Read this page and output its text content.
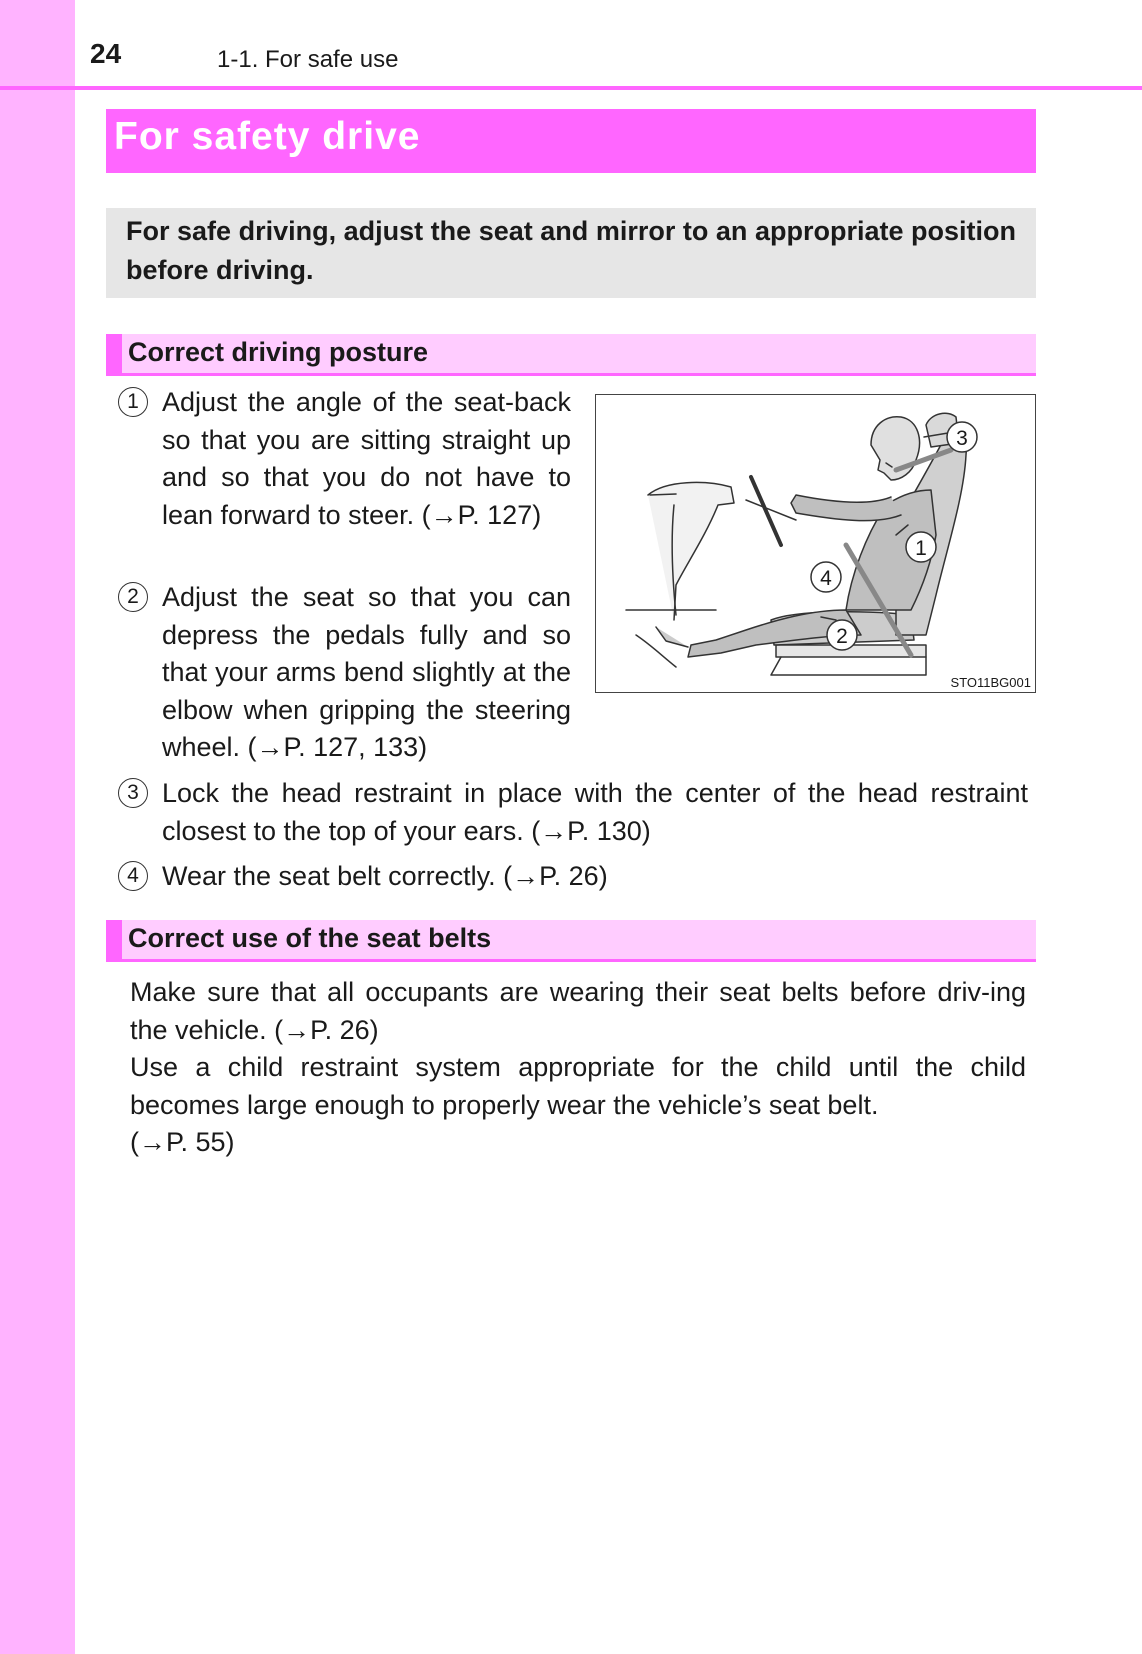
24	1-1. For safe use
For safety drive
For safe driving, adjust the seat and mirror to an appropriate position before driving.
Correct driving posture
1 Adjust the angle of the seat-back so that you are sitting straight up and so that you do not have to lean forward to steer. (→P. 127)
2 Adjust the seat so that you can depress the pedals fully and so that your arms bend slightly at the elbow when gripping the steering wheel. (→P. 127, 133)
3 Lock the head restraint in place with the center of the head restraint closest to the top of your ears. (→P. 130)
4 Wear the seat belt correctly. (→P. 26)
3
1
4
2
STO11BG001
Correct use of the seat belts
Make sure that all occupants are wearing their seat belts before driv-ing the vehicle. (→P. 26)
Use a child restraint system appropriate for the child until the child becomes large enough to properly wear the vehicle’s seat belt.
(→P. 55)
